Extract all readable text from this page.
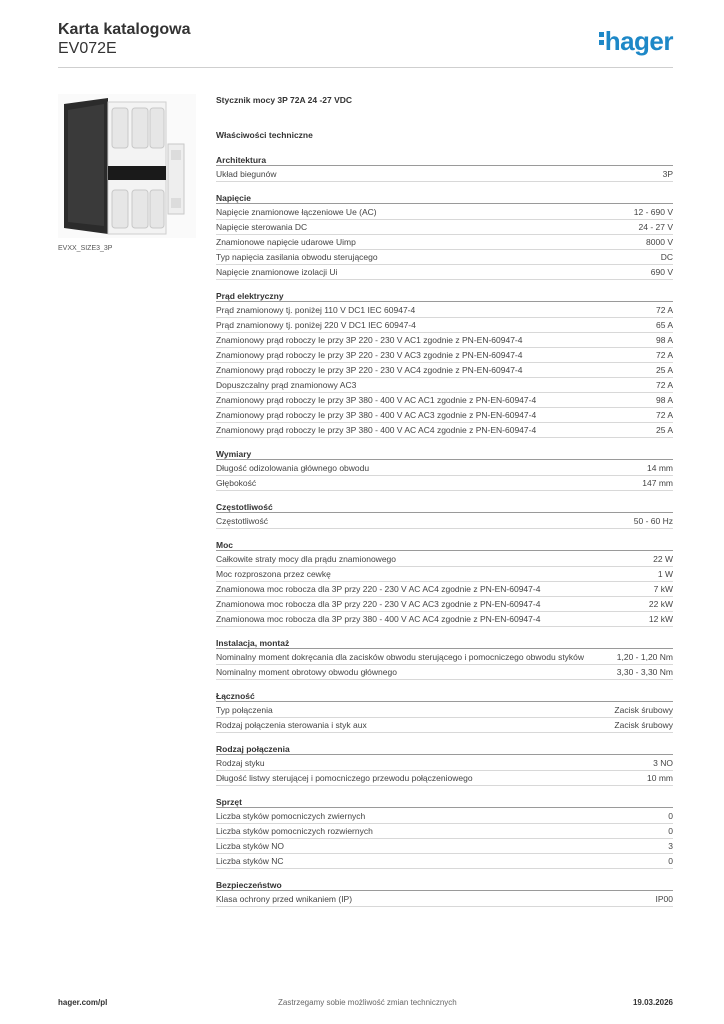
Karta katalogowa
EV072E	hager
EVXX_SIZE3_3P
Stycznik mocy 3P 72A 24 -27 VDC
Właściwości techniczne
Architektura
Układ biegunów	3P
Napięcie
Napięcie znamionowe łączeniowe Ue (AC)	12 - 690 V
Napięcie sterowania DC	24 - 27 V
Znamionowe napięcie udarowe Uimp	8000 V
Typ napięcia zasilania obwodu sterującego	DC
Napięcie znamionowe izolacji Ui	690 V
Prąd elektryczny
Prąd znamionowy tj. poniżej 110 V DC1 IEC 60947-4	72 A
Prąd znamionowy tj. poniżej 220 V DC1 IEC 60947-4	65 A
Znamionowy prąd roboczy Ie przy 3P 220 - 230 V AC1 zgodnie z PN-EN-60947-4	98 A
Znamionowy prąd roboczy Ie przy 3P 220 - 230 V AC3 zgodnie z PN-EN-60947-4	72 A
Znamionowy prąd roboczy Ie przy 3P 220 - 230 V AC4 zgodnie z PN-EN-60947-4	25 A
Dopuszczalny prąd znamionowy AC3	72 A
Znamionowy prąd roboczy Ie przy 3P 380 - 400 V AC AC1 zgodnie z PN-EN-60947-4	98 A
Znamionowy prąd roboczy Ie przy 3P 380 - 400 V AC AC3 zgodnie z PN-EN-60947-4	72 A
Znamionowy prąd roboczy Ie przy 3P 380 - 400 V AC AC4 zgodnie z PN-EN-60947-4	25 A
Wymiary
Długość odizolowania głównego obwodu	14 mm
Głębokość	147 mm
Częstotliwość
Częstotliwość	50 - 60 Hz
Moc
Całkowite straty mocy dla prądu znamionowego	22 W
Moc rozproszona przez cewkę	1 W
Znamionowa moc robocza dla 3P przy 220 - 230 V AC AC4 zgodnie z PN-EN-60947-4	7 kW
Znamionowa moc robocza dla 3P przy 220 - 230 V AC AC3 zgodnie z PN-EN-60947-4	22 kW
Znamionowa moc robocza dla 3P przy 380 - 400 V AC AC4 zgodnie z PN-EN-60947-4	12 kW
Instalacja, montaż
Nominalny moment dokręcania dla zacisków obwodu sterującego i pomocniczego obwodu styków	1,20 - 1,20 Nm
Nominalny moment obrotowy obwodu głównego	3,30 - 3,30 Nm
Łączność
Typ połączenia	Zacisk śrubowy
Rodzaj połączenia sterowania i styk aux	Zacisk śrubowy
Rodzaj połączenia
Rodzaj styku	3 NO
Długość listwy sterującej i pomocniczego przewodu połączeniowego	10 mm
Sprzęt
Liczba styków pomocniczych zwiernych	0
Liczba styków pomocniczych rozwiernych	0
Liczba styków NO	3
Liczba styków NC	0
Bezpieczeństwo
Klasa ochrony przed wnikaniem (IP)	IP00
hager.com/pl	Zastrzegamy sobie możliwość zmian technicznych	19.03.2026
